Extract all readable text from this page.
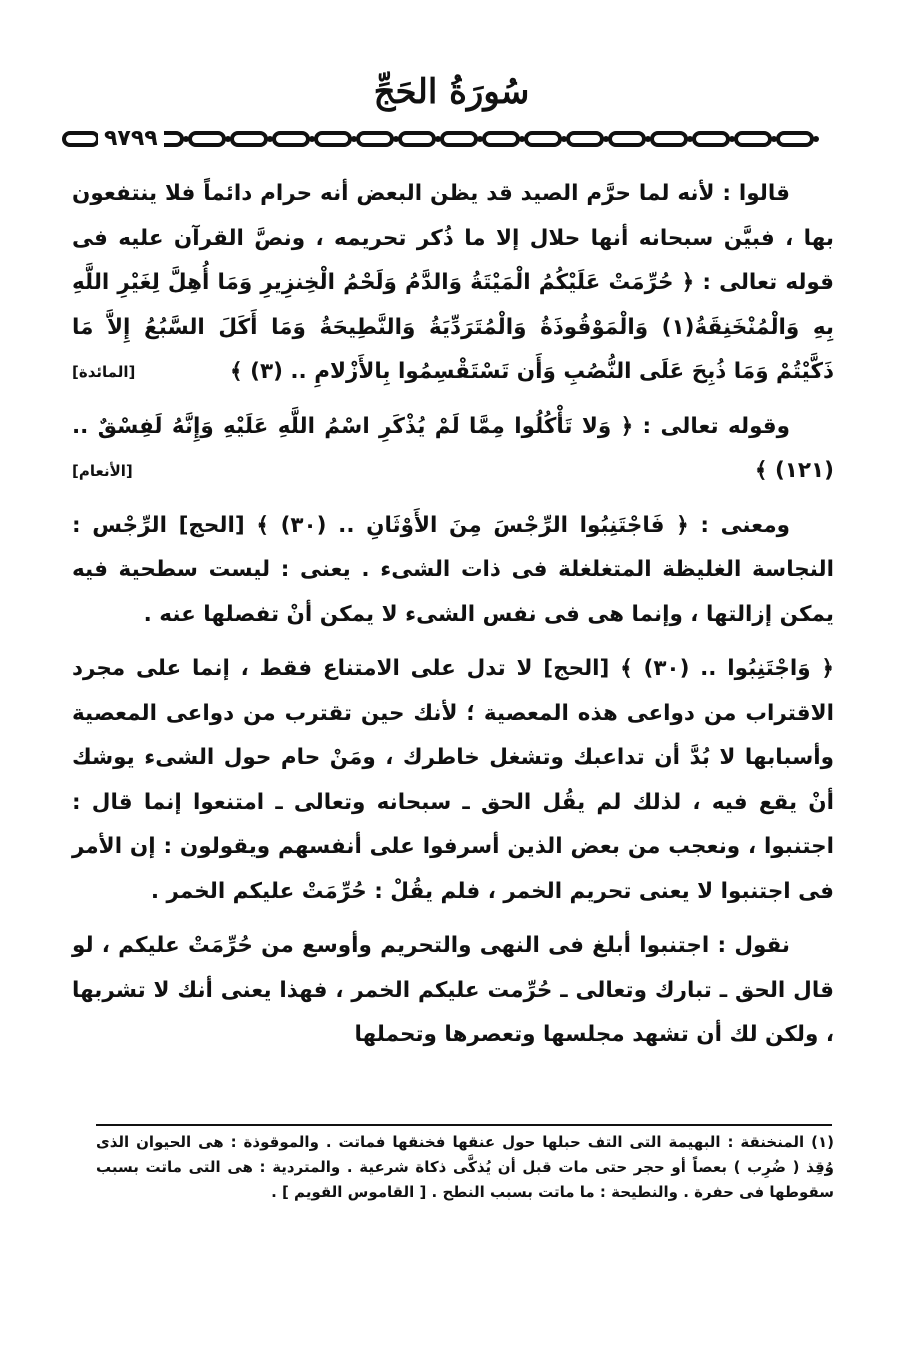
سُورَةُ الحَجِّ
٩٧٩٩

قالوا : لأنه لما حرَّم الصيد قد يظن البعض أنه حرام دائماً فلا ينتفعون بها ، فبيَّن سبحانه أنها حلال إلا ما ذُكر تحريمه ، ونصَّ القرآن عليه فى قوله تعالى : ﴿ حُرِّمَتْ عَلَيْكُمُ الْمَيْتَةُ وَالدَّمُ وَلَحْمُ الْخِنزِيرِ وَمَا أُهِلَّ لِغَيْرِ اللَّهِ بِهِ وَالْمُنْخَنِقَةُ(١) وَالْمَوْقُوذَةُ وَالْمُتَرَدِّيَةُ وَالنَّطِيحَةُ وَمَا أَكَلَ السَّبُعُ إِلاَّ مَا ذَكَّيْتُمْ وَمَا ذُبِحَ عَلَى النُّصُبِ وَأَن تَسْتَقْسِمُوا بِالأَزْلامِ .. (٣) ﴾
[المائدة]

وقوله تعالى : ﴿ وَلا تَأْكُلُوا مِمَّا لَمْ يُذْكَرِ اسْمُ اللَّهِ عَلَيْهِ وَإِنَّهُ لَفِسْقٌ .. (١٢١) ﴾
[الأنعام]

ومعنى : ﴿ فَاجْتَنِبُوا الرِّجْسَ مِنَ الأَوْثَانِ .. (٣٠) ﴾ [الحج] الرِّجْس : النجاسة الغليظة المتغلغلة فى ذات الشىء . يعنى : ليست سطحية فيه يمكن إزالتها ، وإنما هى فى نفس الشىء لا يمكن أنْ تفصلها عنه .

﴿ وَاجْتَنِبُوا .. (٣٠) ﴾ [الحج] لا تدل على الامتناع فقط ، إنما على مجرد الاقتراب من دواعى هذه المعصية ؛ لأنك حين تقترب من دواعى المعصية وأسبابها لا بُدَّ أن تداعبك وتشغل خاطرك ، ومَنْ حام حول الشىء يوشك أنْ يقع فيه ، لذلك لم يقُل الحق ـ سبحانه وتعالى ـ امتنعوا إنما قال : اجتنبوا ، ونعجب من بعض الذين أسرفوا على أنفسهم ويقولون : إن الأمر فى اجتنبوا لا يعنى تحريم الخمر ، فلم يقُلْ : حُرِّمَتْ عليكم الخمر .

نقول : اجتنبوا أبلغ فى النهى والتحريم وأوسع من حُرِّمَتْ عليكم ، لو قال الحق ـ تبارك وتعالى ـ حُرِّمت عليكم الخمر ، فهذا يعنى أنك لا تشربها ، ولكن لك أن تشهد مجلسها وتعصرها وتحملها

(١) المنخنقة : البهيمة التى التف حبلها حول عنقها فخنقها فماتت . والموقوذة : هى الحيوان الذى وُقِذ ( ضُرِب ) بعصاً أو حجر حتى مات قبل أن يُذكَّى ذكاة شرعية . والمتردية : هى التى ماتت بسبب سقوطها فى حفرة . والنطيحة : ما ماتت بسبب النطح . [ القاموس القويم ] .
